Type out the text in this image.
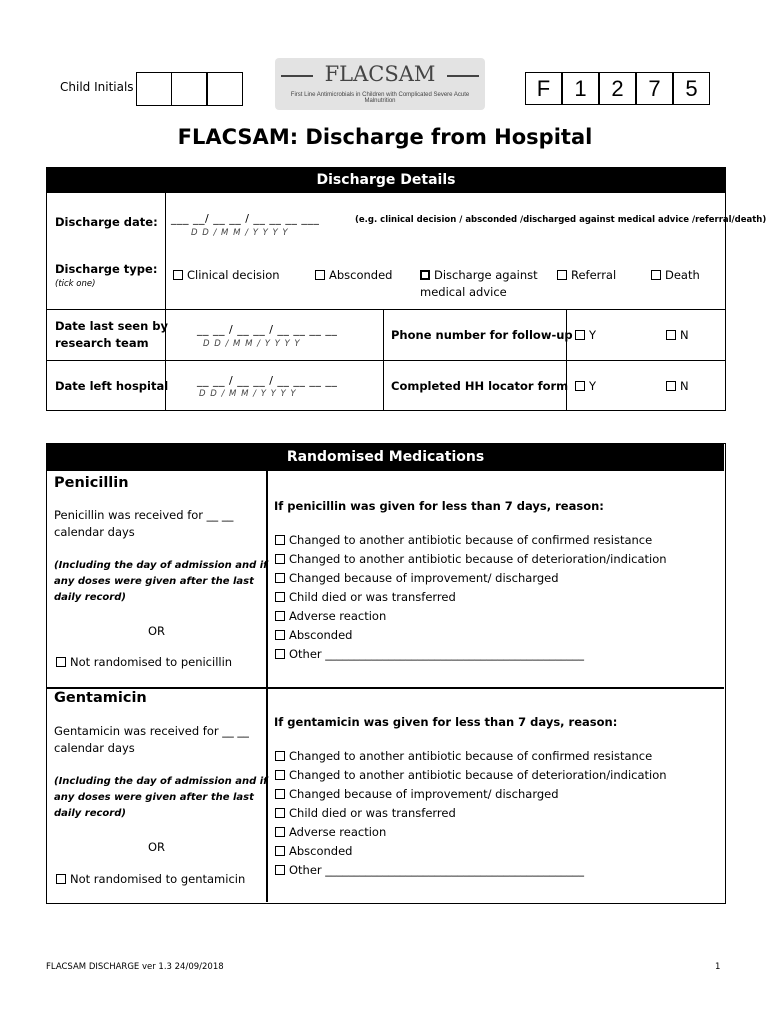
Child Initials
FLACSAM
First Line Antimicrobials in Children with Complicated Severe Acute Malnutrition	F	1	2	7	5
FLACSAM: Discharge from Hospital
Discharge Details
Discharge date: ___ __/ __ __ / __ __ __ ___
D D / M M / Y Y Y Y
(e.g. clinical decision / absconded /discharged against medical advice /referral/death)
Discharge type:
(tick one)
Clinical decision	Absconded	Discharge against
medical advice
Referral	Death
Date last seen by
research team
__ __ / __ __ / __ __ __ __
D D / M M / Y Y Y Y
Phone number for follow-up	Y	N
Date left hospital	__ __ / __ __ / __ __ __ __
D D / M M / Y Y Y Y
Completed HH locator form	Y	N
Randomised Medications
Penicillin
Penicillin was received for __ __
calendar days
(Including the day of admission and if
any doses were given after the last
daily record)
OR
Not randomised to penicillin
If penicillin was given for less than 7 days, reason:
Changed to another antibiotic because of confirmed resistance
Changed to another antibiotic because of deterioration/indication
Changed because of improvement/ discharged
Child died or was transferred
Adverse reaction
Absconded
Other _____________________________________________
Gentamicin
Gentamicin was received for __ __
calendar days
(Including the day of admission and if
any doses were given after the last
daily record)
OR
Not randomised to gentamicin
If gentamicin was given for less than 7 days, reason:
Changed to another antibiotic because of confirmed resistance
Changed to another antibiotic because of deterioration/indication
Changed because of improvement/ discharged
Child died or was transferred
Adverse reaction
Absconded
Other _____________________________________________
FLACSAM DISCHARGE ver 1.3 24/09/2018	1
